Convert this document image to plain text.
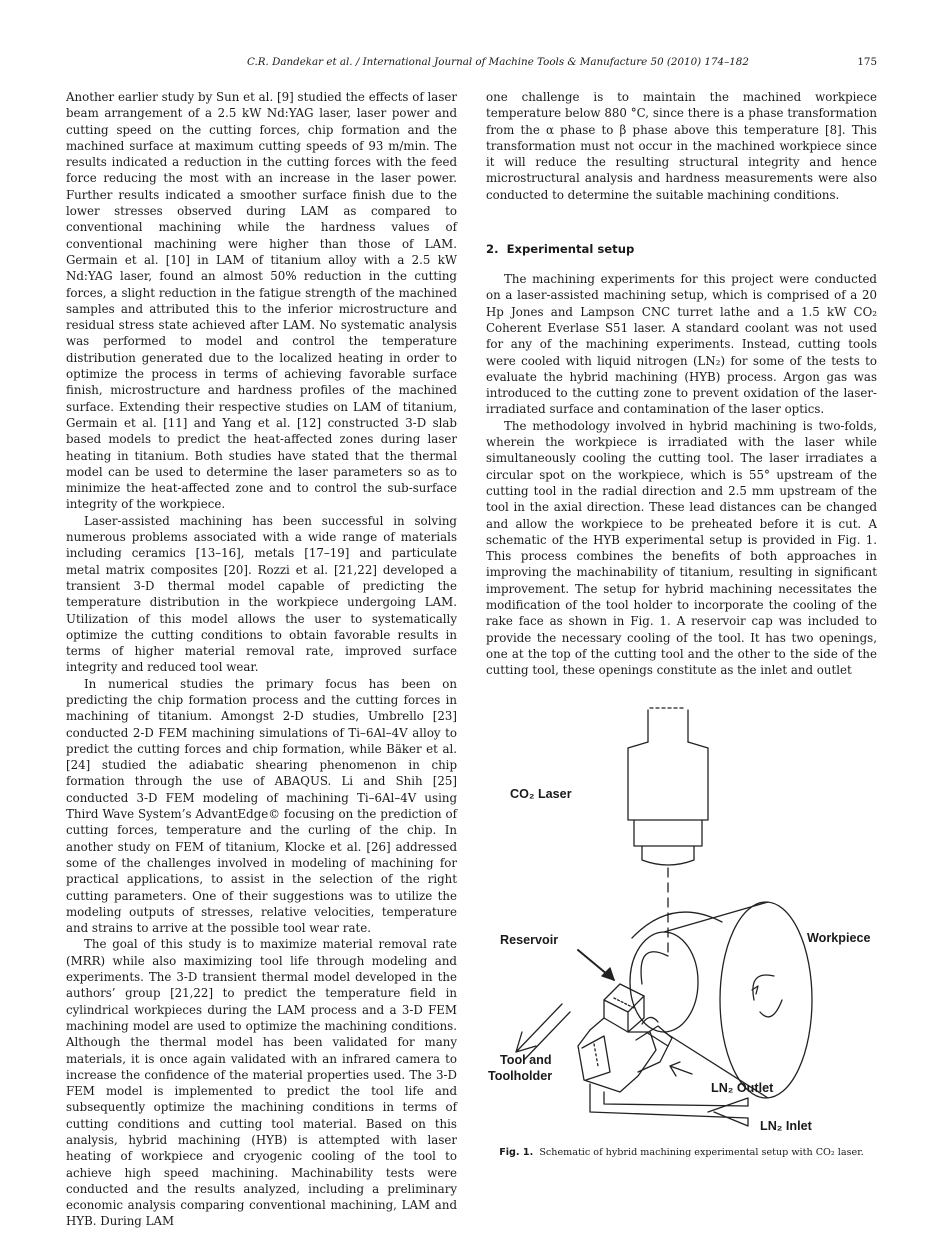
C.R. Dandekar et al. / International Journal of Machine Tools & Manufacture 50 (2010) 174–182	175

Another earlier study by Sun et al. [9] studied the effects of laser beam arrangement of a 2.5 kW Nd:YAG laser, laser power and cutting speed on the cutting forces, chip formation and the machined surface at maximum cutting speeds of 93 m/min. The results indicated a reduction in the cutting forces with the feed force reducing the most with an increase in the laser power. Further results indicated a smoother surface finish due to the lower stresses observed during LAM as compared to conventional machining while the hardness values of conventional machining were higher than those of LAM. Germain et al. [10] in LAM of titanium alloy with a 2.5 kW Nd:YAG laser, found an almost 50% reduction in the cutting forces, a slight reduction in the fatigue strength of the machined samples and attributed this to the inferior microstructure and residual stress state achieved after LAM. No systematic analysis was performed to model and control the temperature distribution generated due to the localized heating in order to optimize the process in terms of achieving favorable surface finish, microstructure and hardness profiles of the machined surface. Extending their respective studies on LAM of titanium, Germain et al. [11] and Yang et al. [12] constructed 3-D slab based models to predict the heat-affected zones during laser heating in titanium. Both studies have stated that the thermal model can be used to determine the laser parameters so as to minimize the heat-affected zone and to control the sub-surface integrity of the workpiece.

Laser-assisted machining has been successful in solving numerous problems associated with a wide range of materials including ceramics [13–16], metals [17–19] and particulate metal matrix composites [20]. Rozzi et al. [21,22] developed a transient 3-D thermal model capable of predicting the temperature distribution in the workpiece undergoing LAM. Utilization of this model allows the user to systematically optimize the cutting conditions to obtain favorable results in terms of higher material removal rate, improved surface integrity and reduced tool wear.

In numerical studies the primary focus has been on predicting the chip formation process and the cutting forces in machining of titanium. Amongst 2-D studies, Umbrello [23] conducted 2-D FEM machining simulations of Ti–6Al–4V alloy to predict the cutting forces and chip formation, while Bäker et al. [24] studied the adiabatic shearing phenomenon in chip formation through the use of ABAQUS. Li and Shih [25] conducted 3-D FEM modeling of machining Ti–6Al–4V using Third Wave System’s AdvantEdge© focusing on the prediction of cutting forces, temperature and the curling of the chip. In another study on FEM of titanium, Klocke et al. [26] addressed some of the challenges involved in modeling of machining for practical applications, to assist in the selection of the right cutting parameters. One of their suggestions was to utilize the modeling outputs of stresses, relative velocities, temperature and strains to arrive at the possible tool wear rate.

The goal of this study is to maximize material removal rate (MRR) while also maximizing tool life through modeling and experiments. The 3-D transient thermal model developed in the authors’ group [21,22] to predict the temperature field in cylindrical workpieces during the LAM process and a 3-D FEM machining model are used to optimize the machining conditions. Although the thermal model has been validated for many materials, it is once again validated with an infrared camera to increase the confidence of the material properties used. The 3-D FEM model is implemented to predict the tool life and subsequently optimize the machining conditions in terms of cutting conditions and cutting tool material. Based on this analysis, hybrid machining (HYB) is attempted with laser heating of workpiece and cryogenic cooling of the tool to achieve high speed machining. Machinability tests were conducted and the results analyzed, including a preliminary economic analysis comparing conventional machining, LAM and HYB. During LAM

one challenge is to maintain the machined workpiece temperature below 880 °C, since there is a phase transformation from the α phase to β phase above this temperature [8]. This transformation must not occur in the machined workpiece since it will reduce the resulting structural integrity and hence microstructural analysis and hardness measurements were also conducted to determine the suitable machining conditions.

2. Experimental setup

The machining experiments for this project were conducted on a laser-assisted machining setup, which is comprised of a 20 Hp Jones and Lampson CNC turret lathe and a 1.5 kW CO₂ Coherent Everlase S51 laser. A standard coolant was not used for any of the machining experiments. Instead, cutting tools were cooled with liquid nitrogen (LN₂) for some of the tests to evaluate the hybrid machining (HYB) process. Argon gas was introduced to the cutting zone to prevent oxidation of the laser-irradiated surface and contamination of the laser optics.

The methodology involved in hybrid machining is two-folds, wherein the workpiece is irradiated with the laser while simultaneously cooling the cutting tool. The laser irradiates a circular spot on the workpiece, which is 55° upstream of the cutting tool in the radial direction and 2.5 mm upstream of the tool in the axial direction. These lead distances can be changed and allow the workpiece to be preheated before it is cut. A schematic of the HYB experimental setup is provided in Fig. 1. This process combines the benefits of both approaches in improving the machinability of titanium, resulting in significant improvement. The setup for hybrid machining necessitates the modification of the tool holder to incorporate the cooling of the rake face as shown in Fig. 1. A reservoir cap was included to provide the necessary cooling of the tool. It has two openings, one at the top of the cutting tool and the other to the side of the cutting tool, these openings constitute as the inlet and outlet

CO₂ Laser
Reservoir	Workpiece
Tool and
Toolholder
LN₂ Outlet
LN₂ Inlet
Fig. 1. Schematic of hybrid machining experimental setup with CO₂ laser.
